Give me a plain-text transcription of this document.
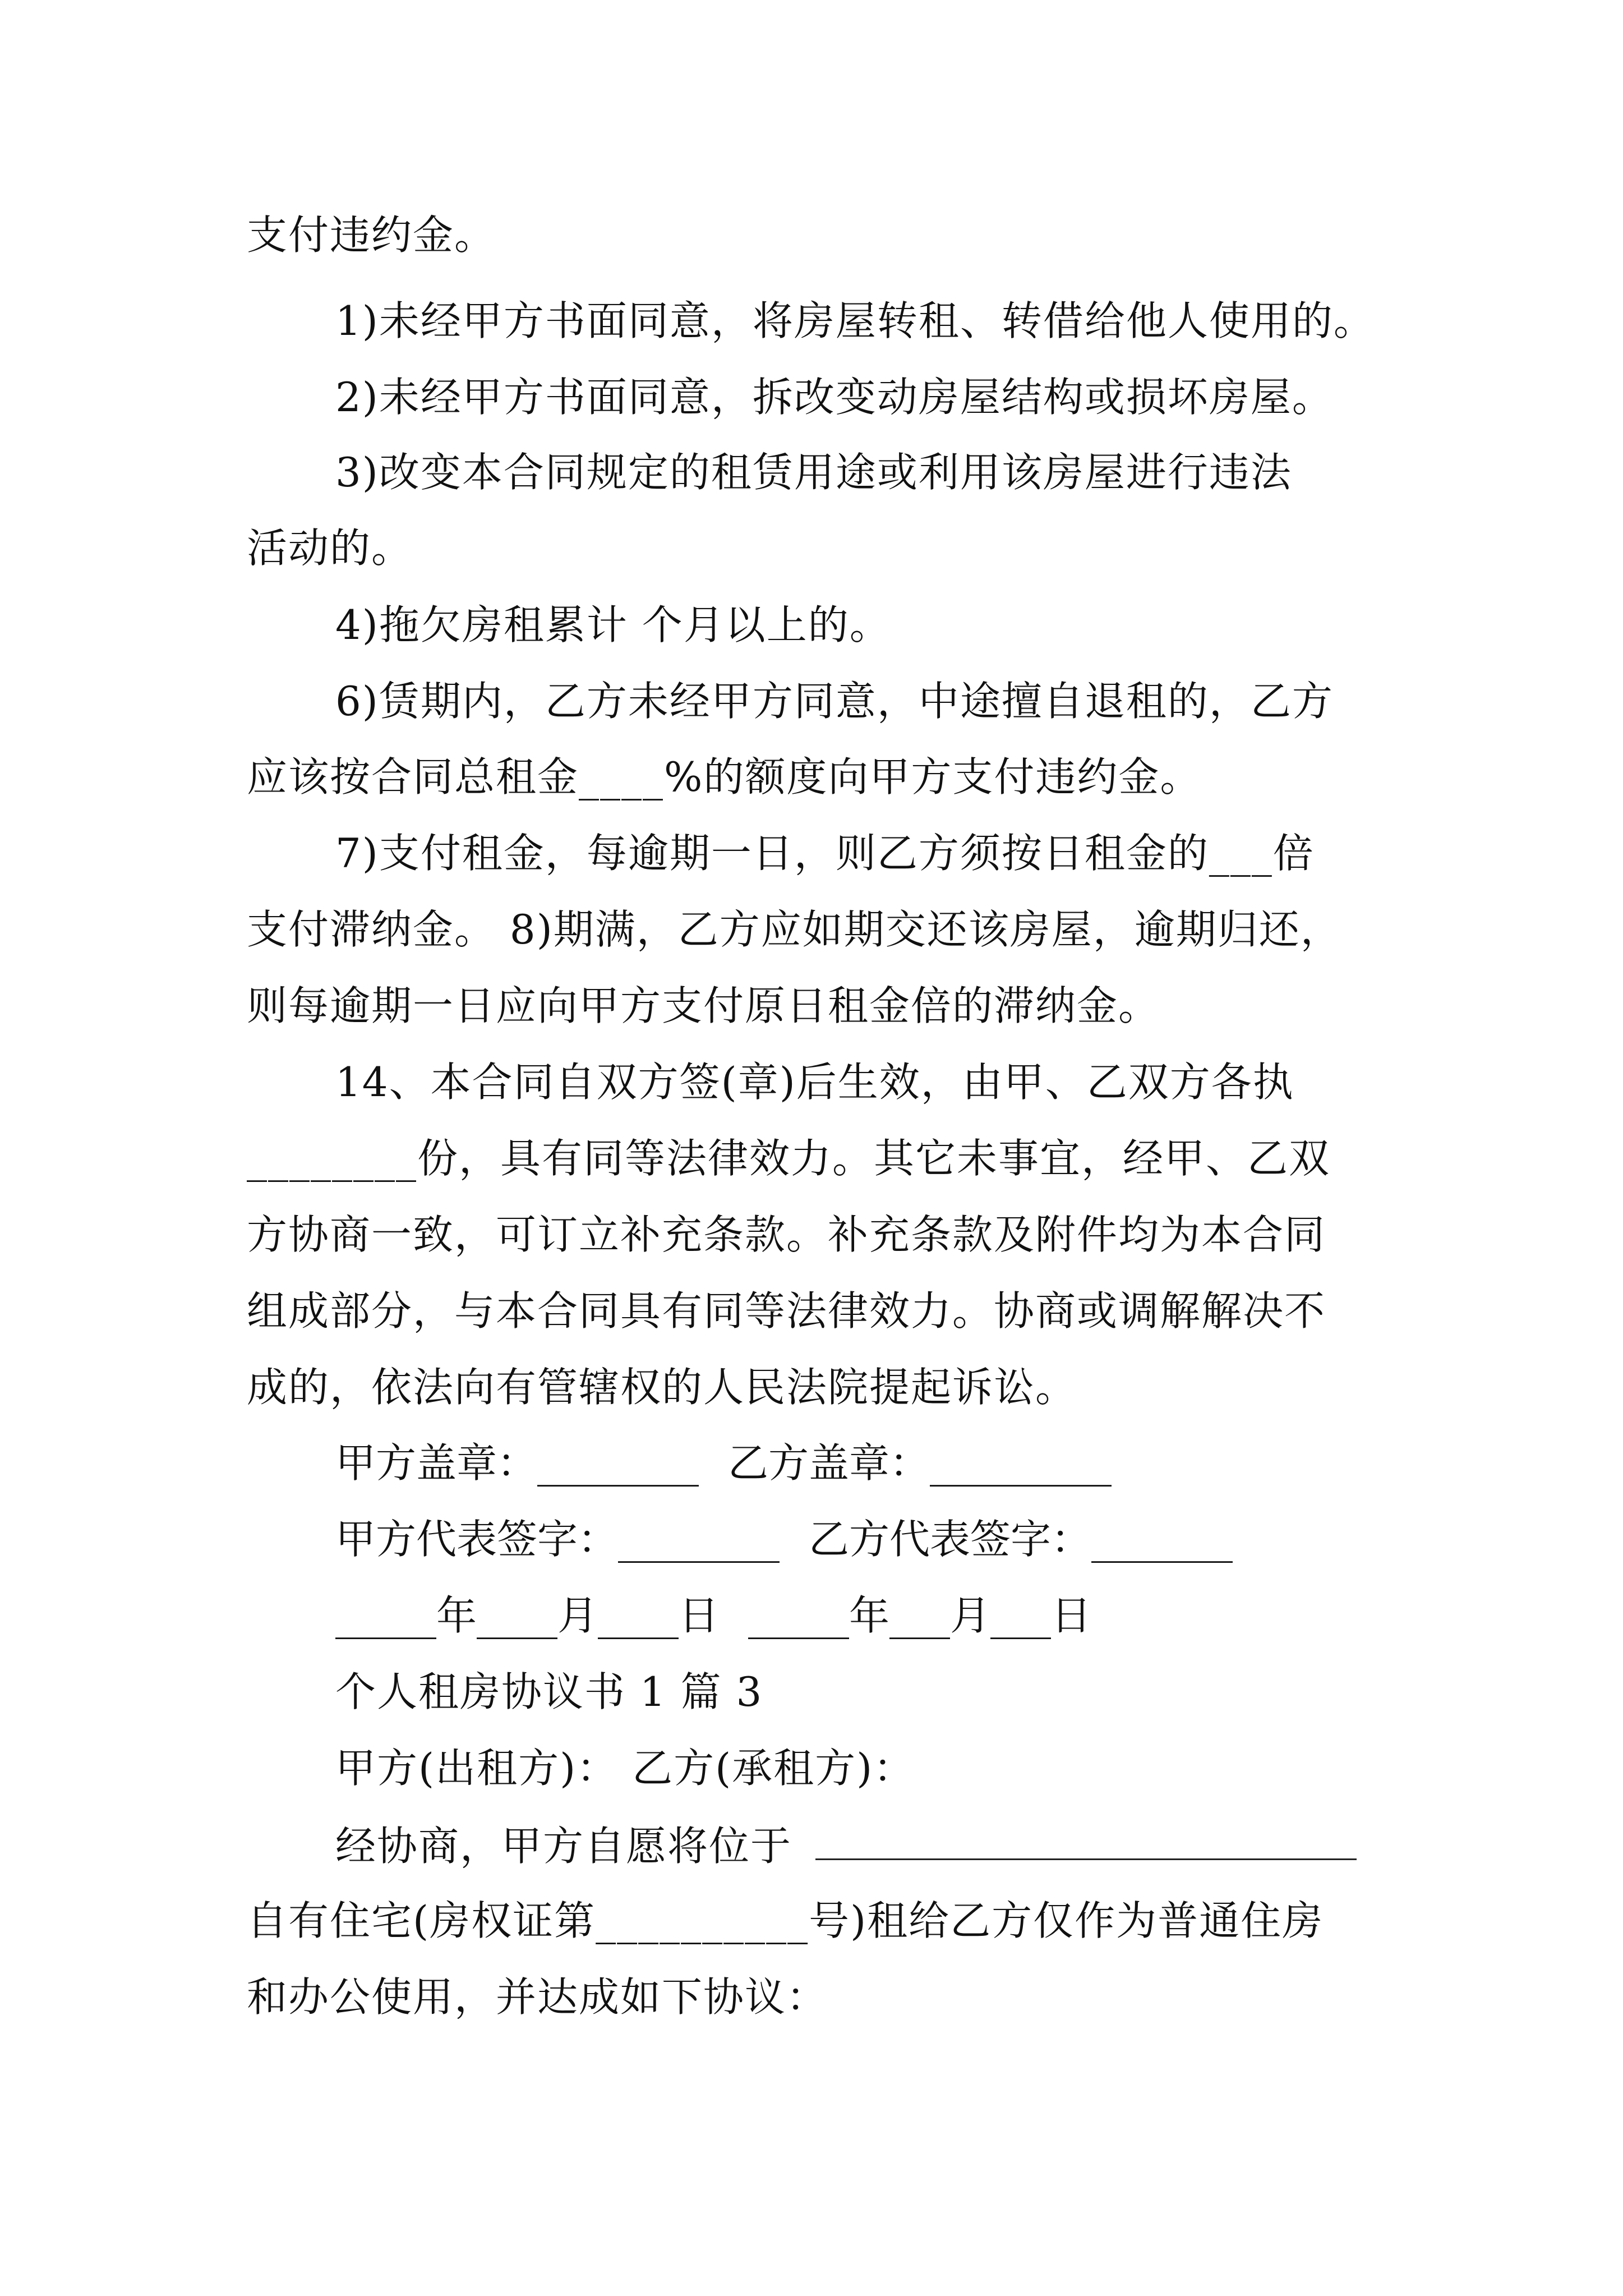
支付违约金。
1)未经甲方书面同意，将房屋转租、转借给他人使用的。
2)未经甲方书面同意，拆改变动房屋结构或损坏房屋。
3)改变本合同规定的租赁用途或利用该房屋进行违法
活动的。
4)拖欠房租累计 个月以上的。
6)赁期内，乙方未经甲方同意，中途擅自退租的，乙方
应该按合同总租金____%的额度向甲方支付违约金。
7)支付租金，每逾期一日，则乙方须按日租金的___倍
支付滞纳金。 8)期满，乙方应如期交还该房屋，逾期归还，
则每逾期一日应向甲方支付原日租金倍的滞纳金。
14、本合同自双方签(章)后生效，由甲、乙双方各执
________份，具有同等法律效力。其它未事宜，经甲、乙双
方协商一致，可订立补充条款。补充条款及附件均为本合同
组成部分，与本合同具有同等法律效力。协商或调解解决不
成的，依法向有管辖权的人民法院提起诉讼。
甲方盖章：________ 乙方盖章：_________
甲方代表签字：________ 乙方代表签字：_______
_____年____月____日 _____年___月___日
个人租房协议书 1 篇 3
甲方(出租方)： 乙方(承租方)：
经协商，甲方自愿将位于
自有住宅(房权证第__________号)租给乙方仅作为普通住房
和办公使用，并达成如下协议：
